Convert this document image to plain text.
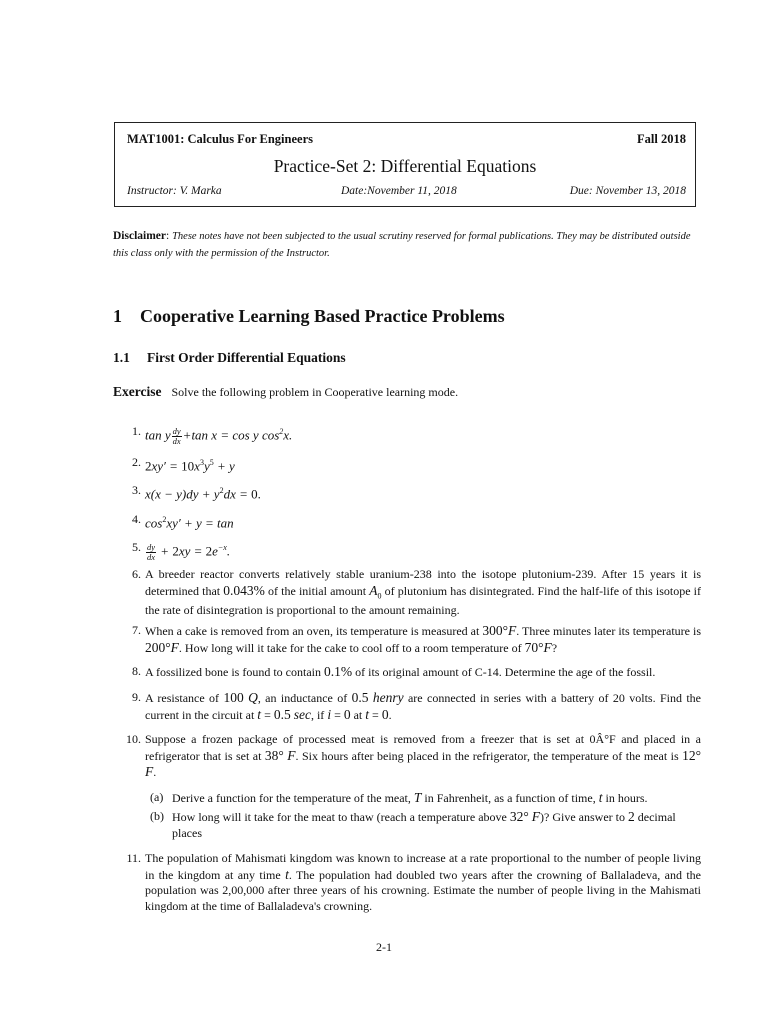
MAT1001: Calculus For Engineers	Fall 2018
Practice-Set 2: Differential Equations
Instructor: V. Marka	Date:November 11, 2018	Due: November 13, 2018
Disclaimer: These notes have not been subjected to the usual scrutiny reserved for formal publications. They may be distributed outside this class only with the permission of the Instructor.
1 Cooperative Learning Based Practice Problems
1.1 First Order Differential Equations
Exercise Solve the following problem in Cooperative learning mode.
1. tan y $\frac{dy}{dx} +\tan$ x = cos y $\cos^2x$.
2. $2xy' = 10x^3y^5 + y$
3. $x(x - y)dy + y^2dx = 0$.
4. $\cos^2xy' + y = \tan$
5. $\frac{dy}{dx} + 2xy = 2e^{-x}$.
6. A breeder reactor converts relatively stable uranium-238 into the isotope plutonium-239. After 15 years it is determined that 0.043% of the initial amount $A_0$ of plutonium has disintegrated. Find the half-life of this isotope if the rate of disintegration is proportional to the amount remaining.
7. When a cake is removed from an oven, its temperature is measured at 300°F. Three minutes later its temperature is 200°F. How long will it take for the cake to cool off to a room temperature of 70°F?
8. A fossilized bone is found to contain 0.1% of its original amount of C-14. Determine the age of the fossil.
9. A resistance of 100 Q, an inductance of 0.5 henry are connected in series with a battery of 20 volts. Find the current in the circuit at t = 0.5 sec, if i = 0 at t = 0.
10. Suppose a frozen package of processed meat is removed from a freezer that is set at 0Â°F and placed in a refrigerator that is set at 38° F. Six hours after being placed in the refrigerator, the temperature of the meat is 12° F.
(a) Derive a function for the temperature of the meat, T in Fahrenheit, as a function of time, t in hours.
(b) How long will it take for the meat to thaw (reach a temperature above 32° F)? Give answer to 2 decimal places
11. The population of Mahismati kingdom was known to increase at a rate proportional to the number of people living in the kingdom at any time t. The population had doubled two years after the crowning of Ballaladeva, and the population was 2,00,000 after three years of his crowning. Estimate the number of people living in the Mahismati kingdom at the time of Ballaladeva's crowning.
2-1
